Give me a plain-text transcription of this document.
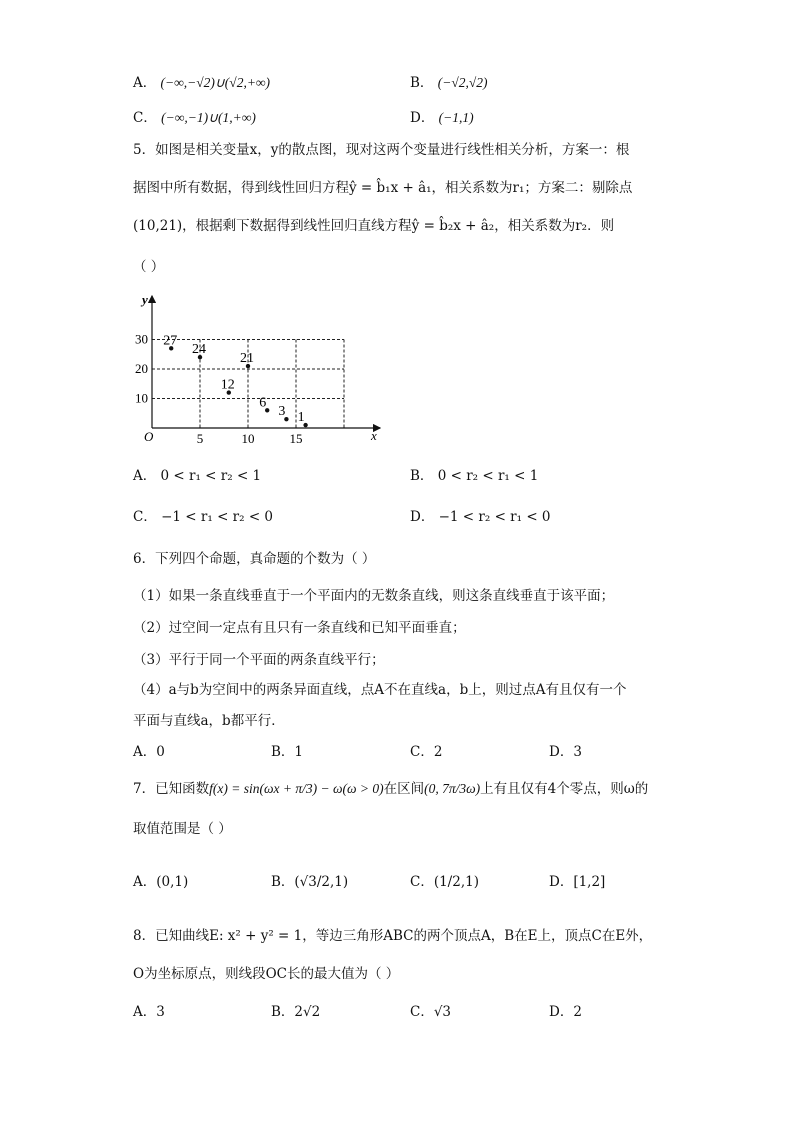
A． (−∞,−√2)∪(√2,+∞)	B． (−√2,√2)
C． (−∞,−1)∪(1,+∞)	D． (−1,1)
5．如图是相关变量x，y的散点图，现对这两个变量进行线性相关分析，方案一：根
据图中所有数据，得到线性回归方程ŷ = b̂₁x + â₁，相关系数为r₁；方案二：剔除点
(10,21)，根据剩下数据得到线性回归直线方程ŷ = b̂₂x + â₂，相关系数为r₂．则
（ ）
y
x
O	5	10	15
10
20
30 27
24
12
21
6
3 1
A． 0 < r₁ < r₂ < 1	B． 0 < r₂ < r₁ < 1
C． −1 < r₁ < r₂ < 0	D． −1 < r₂ < r₁ < 0
6．下列四个命题，真命题的个数为（ ）
（1）如果一条直线垂直于一个平面内的无数条直线，则这条直线垂直于该平面；
（2）过空间一定点有且只有一条直线和已知平面垂直；
（3）平行于同一个平面的两条直线平行；
（4）a与b为空间中的两条异面直线，点A不在直线a，b上，则过点A有且仅有一个
平面与直线a，b都平行．
A．0	B．1	C．2	D．3
7．已知函数f(x) = sin(ωx + π/3) − ω(ω > 0)在区间(0, 7π/3ω)上有且仅有4个零点，则ω的
取值范围是（ ）
A．(0,1)	B．(√3/2,1)	C．(1/2,1)	D．[1,2]
8．已知曲线E: x² + y² = 1，等边三角形ABC的两个顶点A，B在E上，顶点C在E外，
O为坐标原点，则线段OC长的最大值为（ ）
A．3	B．2√2	C．√3	D．2
